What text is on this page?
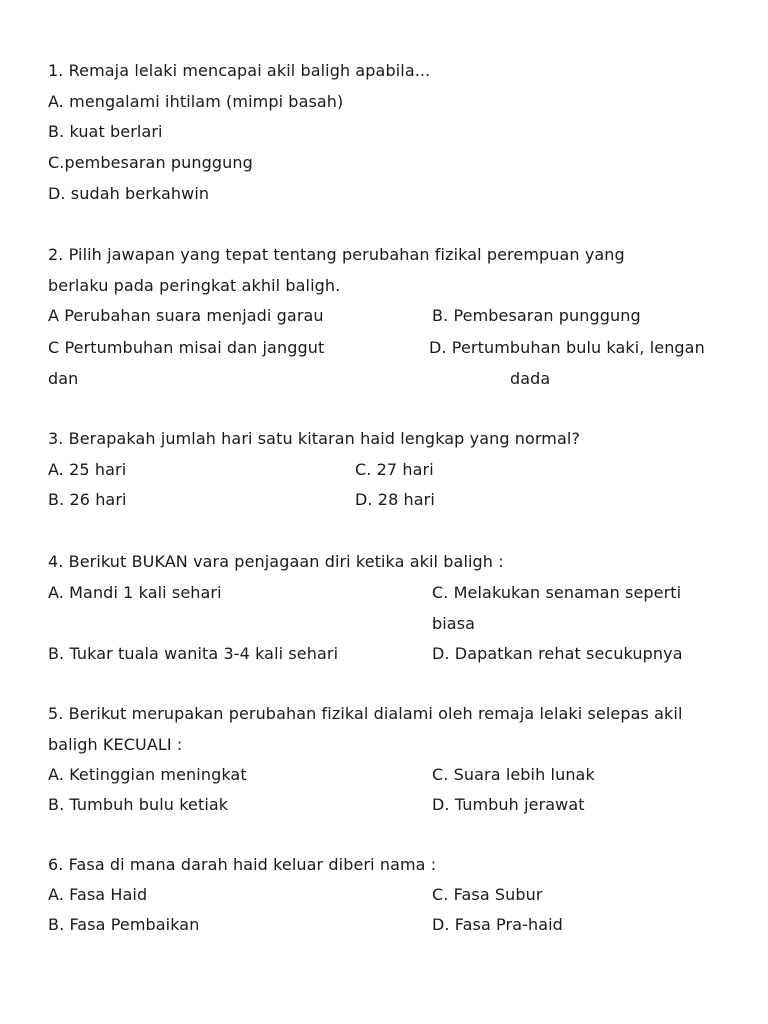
1. Remaja lelaki mencapai akil baligh apabila...
A. mengalami ihtilam (mimpi basah)
B. kuat berlari
C.pembesaran punggung
D. sudah berkahwin
2. Pilih jawapan yang tepat tentang perubahan fizikal perempuan yang
berlaku pada peringkat akhil baligh.
A Perubahan suara menjadi garau	B. Pembesaran punggung
C Pertumbuhan misai dan janggut	D. Pertumbuhan bulu kaki, lengan
dan	dada
3. Berapakah jumlah hari satu kitaran haid lengkap yang normal?
A. 25 hari	C. 27 hari
B. 26 hari	D. 28 hari
4. Berikut BUKAN vara penjagaan diri ketika akil baligh :
A. Mandi 1 kali sehari	C. Melakukan senaman seperti
biasa
B. Tukar tuala wanita 3-4 kali sehari	D. Dapatkan rehat secukupnya
5. Berikut merupakan perubahan fizikal dialami oleh remaja lelaki selepas akil
baligh KECUALI :
A. Ketinggian meningkat	C. Suara lebih lunak
B. Tumbuh bulu ketiak	D. Tumbuh jerawat
6. Fasa di mana darah haid keluar diberi nama :
A. Fasa Haid	C. Fasa Subur
B. Fasa Pembaikan	D. Fasa Pra-haid
